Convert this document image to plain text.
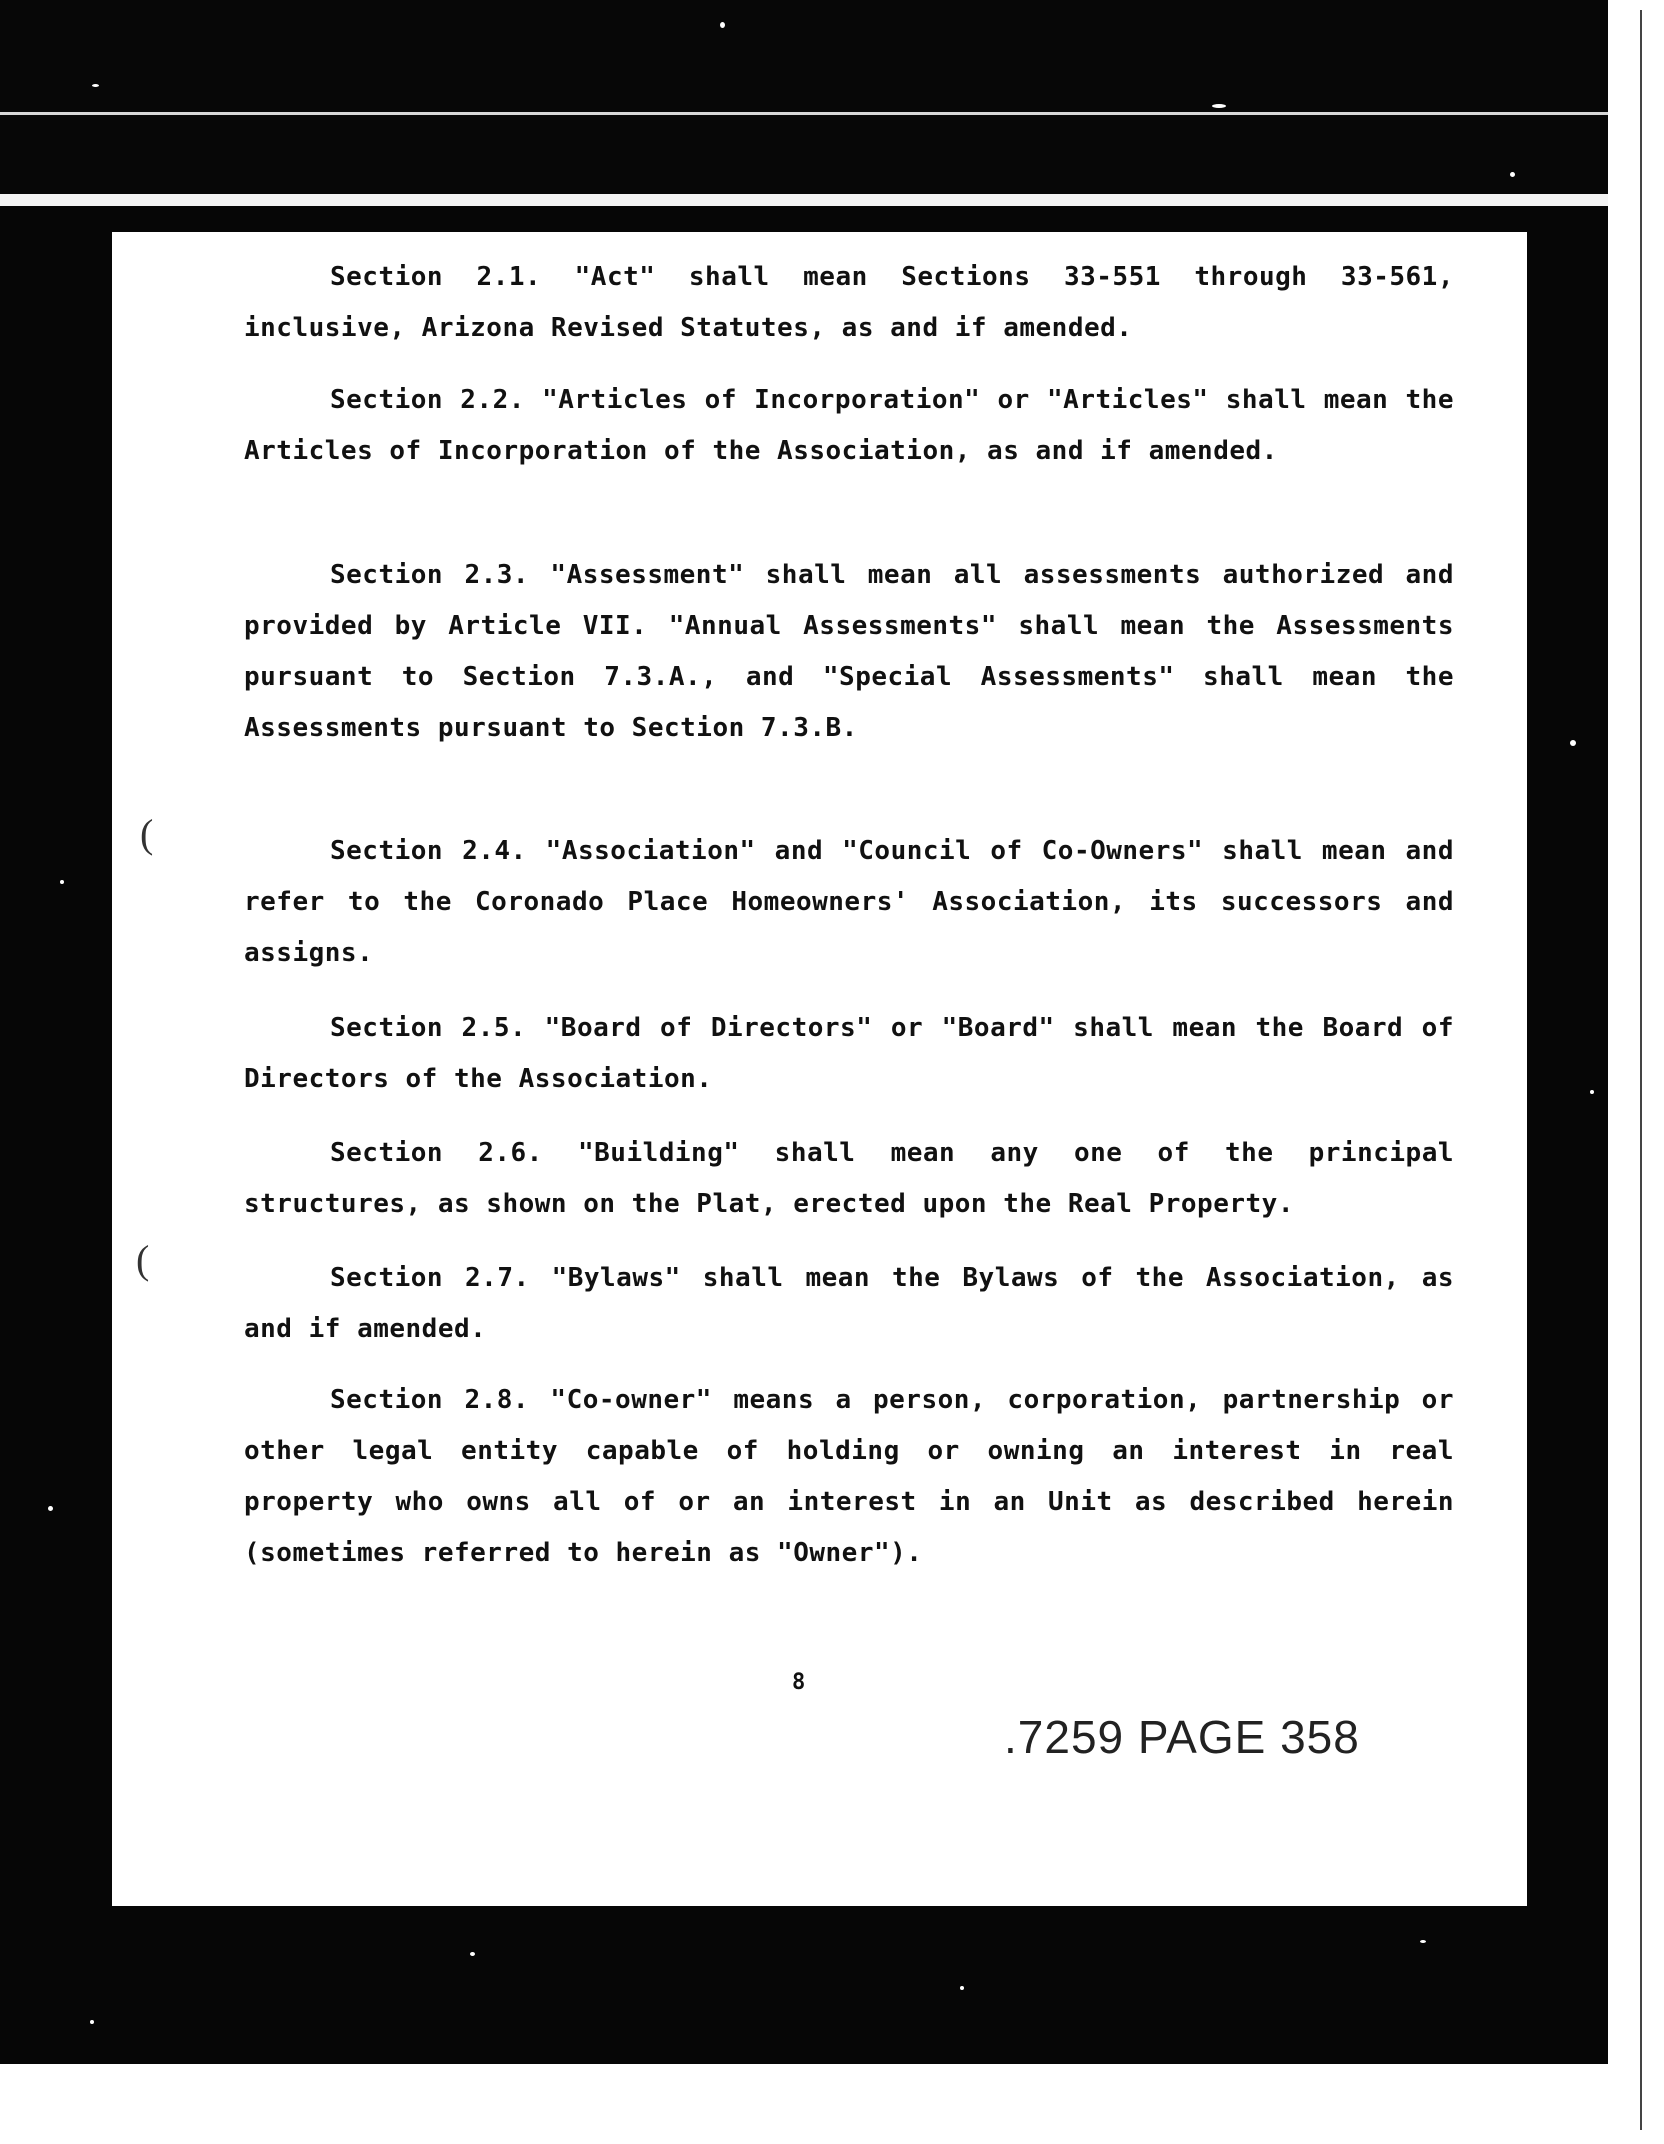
Section 2.1. "Act" shall mean Sections 33-551 through 33-561, inclusive, Arizona Revised Statutes, as and if amended.

Section 2.2. "Articles of Incorporation" or "Articles" shall mean the Articles of Incorporation of the Association, as and if amended.

Section 2.3. "Assessment" shall mean all assessments authorized and provided by Article VII. "Annual Assessments" shall mean the Assessments pursuant to Section 7.3.A., and "Special Assessments" shall mean the Assessments pursuant to Section 7.3.B.

Section 2.4. "Association" and "Council of Co-Owners" shall mean and refer to the Coronado Place Homeowners' Association, its successors and assigns.

Section 2.5. "Board of Directors" or "Board" shall mean the Board of Directors of the Association.

Section 2.6. "Building" shall mean any one of the principal structures, as shown on the Plat, erected upon the Real Property.

Section 2.7. "Bylaws" shall mean the Bylaws of the Association, as and if amended.

Section 2.8. "Co-owner" means a person, corporation, partnership or other legal entity capable of holding or owning an interest in real property who owns all of or an interest in an Unit as described herein (sometimes referred to herein as "Owner").

8
.7259 PAGE 358
(
(
